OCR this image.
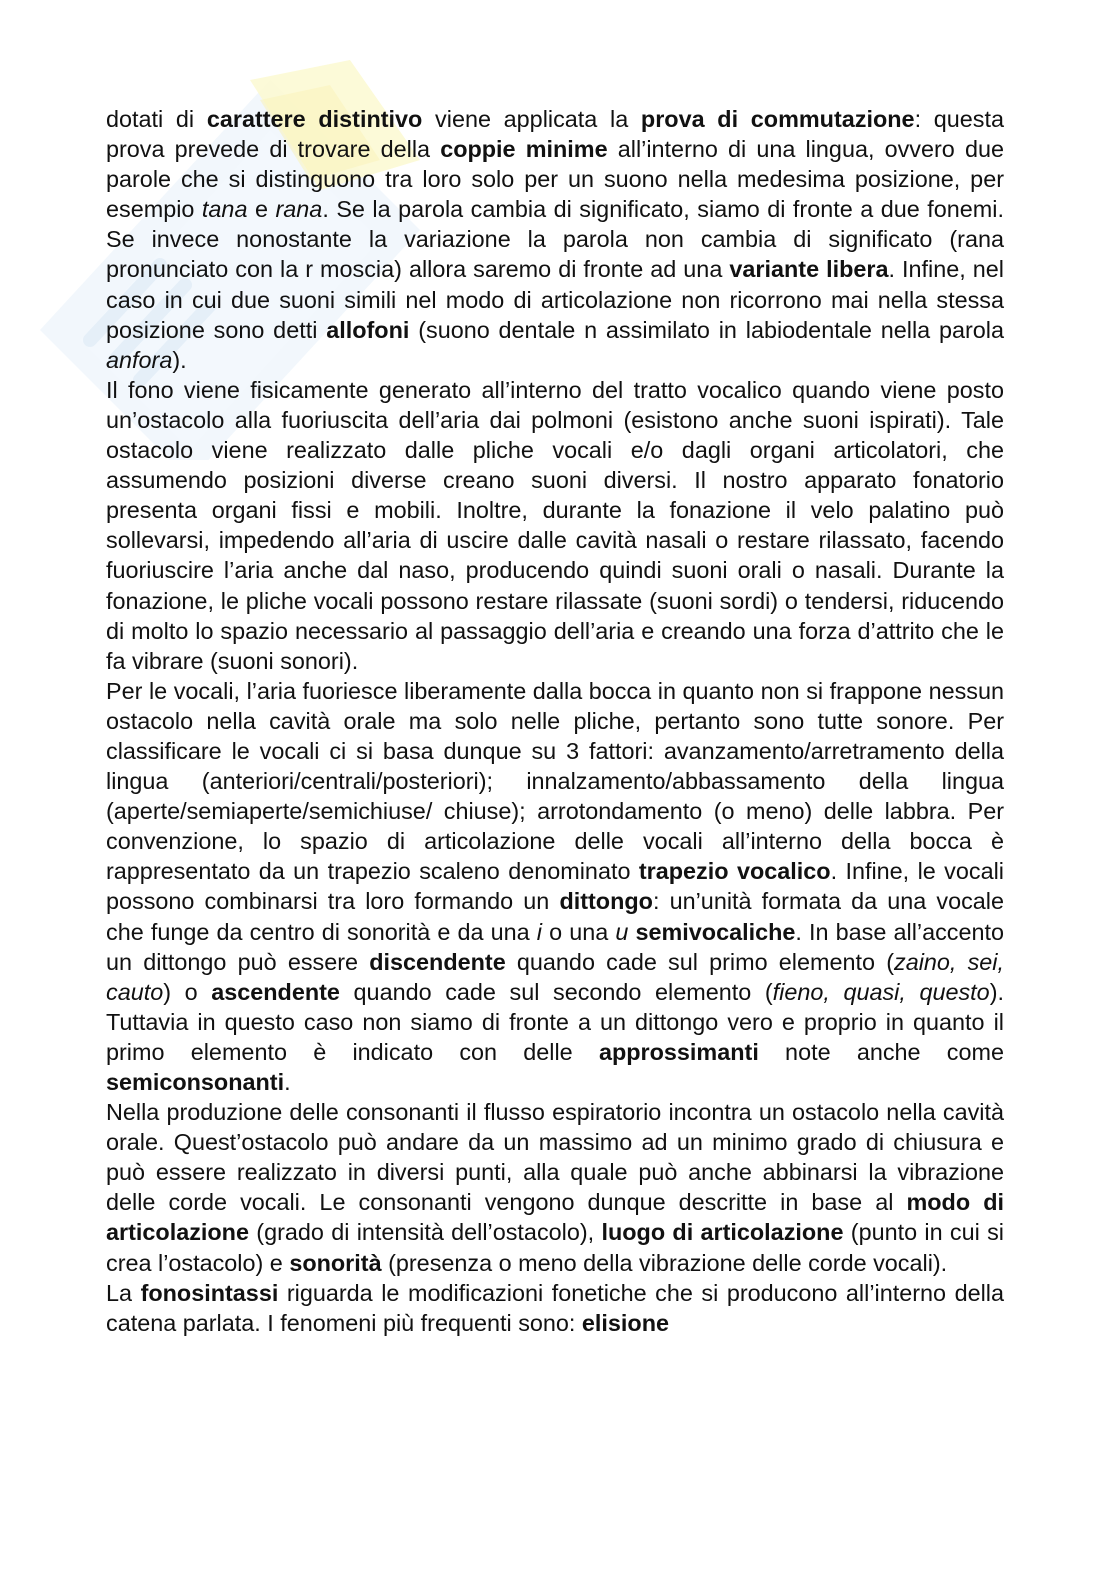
dotati di carattere distintivo viene applicata la prova di commutazione: questa prova prevede di trovare della coppie minime all’interno di una lingua, ovvero due parole che si distinguono tra loro solo per un suono nella medesima posizione, per esempio tana e rana. Se la parola cambia di significato, siamo di fronte a due fonemi. Se invece nonostante la variazione la parola non cambia di significato (rana pronunciato con la r moscia) allora saremo di fronte ad una variante libera. Infine, nel caso in cui due suoni simili nel modo di articolazione non ricorrono mai nella stessa posizione sono detti allofoni (suono dentale n assimilato in labiodentale nella parola anfora).

Il fono viene fisicamente generato all’interno del tratto vocalico quando viene posto un’ostacolo alla fuoriuscita dell’aria dai polmoni (esistono anche suoni ispirati). Tale ostacolo viene realizzato dalle pliche vocali e/o dagli organi articolatori, che assumendo posizioni diverse creano suoni diversi. Il nostro apparato fonatorio presenta organi fissi e mobili. Inoltre, durante la fonazione il velo palatino può sollevarsi, impedendo all’aria di uscire dalle cavità nasali o restare rilassato, facendo fuoriuscire l’aria anche dal naso, producendo quindi suoni orali o nasali. Durante la fonazione, le pliche vocali possono restare rilassate (suoni sordi) o tendersi, riducendo di molto lo spazio necessario al passaggio dell’aria e creando una forza d’attrito che le fa vibrare (suoni sonori).

Per le vocali, l’aria fuoriesce liberamente dalla bocca in quanto non si frappone nessun ostacolo nella cavità orale ma solo nelle pliche, pertanto sono tutte sonore. Per classificare le vocali ci si basa dunque su 3 fattori: avanzamento/arretramento della lingua (anteriori/centrali/posteriori); innalzamento/abbassamento della lingua (aperte/semiaperte/semichiuse/ chiuse); arrotondamento (o meno) delle labbra. Per convenzione, lo spazio di articolazione delle vocali all’interno della bocca è rappresentato da un trapezio scaleno denominato trapezio vocalico. Infine, le vocali possono combinarsi tra loro formando un dittongo: un’unità formata da una vocale che funge da centro di sonorità e da una i o una u semivocaliche. In base all’accento un dittongo può essere discendente quando cade sul primo elemento (zaino, sei, cauto) o ascendente quando cade sul secondo elemento (fieno, quasi, questo). Tuttavia in questo caso non siamo di fronte a un dittongo vero e proprio in quanto il primo elemento è indicato con delle approssimanti note anche come semiconsonanti.

Nella produzione delle consonanti il flusso espiratorio incontra un ostacolo nella cavità orale. Quest’ostacolo può andare da un massimo ad un minimo grado di chiusura e può essere realizzato in diversi punti, alla quale può anche abbinarsi la vibrazione delle corde vocali. Le consonanti vengono dunque descritte in base al modo di articolazione (grado di intensità dell’ostacolo), luogo di articolazione (punto in cui si crea l’ostacolo) e sonorità (presenza o meno della vibrazione delle corde vocali).

La fonosintassi riguarda le modificazioni fonetiche che si producono all’interno della catena parlata. I fenomeni più frequenti sono: elisione
